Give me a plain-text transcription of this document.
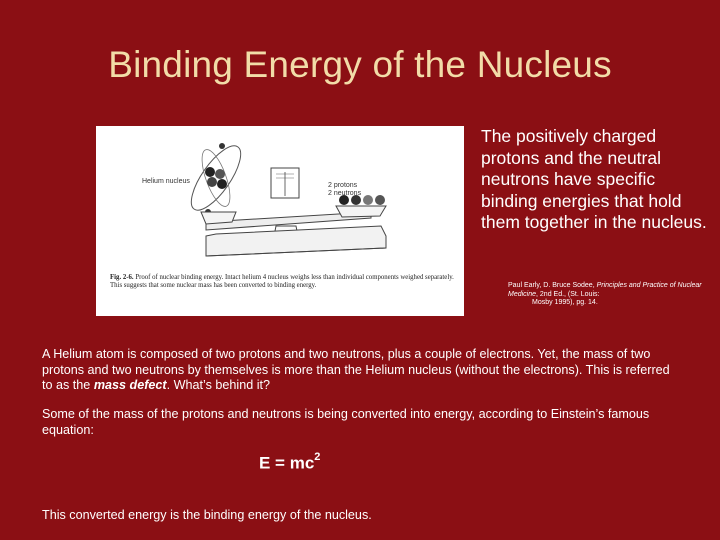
Binding Energy of the Nucleus
Helium nucleus
2 protons
2 neutrons
Fig. 2-6. Proof of nuclear binding energy. Intact helium 4 nucleus weighs less than individual components weighed separately. This suggests that some nuclear mass has been converted to binding energy.

The positively charged protons and the neutral neutrons have specific binding energies that hold them together in the nucleus.

Paul Early, D. Bruce Sodee, Principles and Practice of Nuclear Medicine, 2nd Ed., (St. Louis:
Mosby 1995), pg. 14.
A Helium atom is composed of two protons and two neutrons, plus a couple of electrons. Yet, the mass of two protons and two neutrons by themselves is more than the Helium nucleus (without the electrons). This is referred to as the mass defect. What’s behind it?
Some of the mass of the protons and neutrons is being converted into energy, according to Einstein’s famous equation:
$E = mc^2$
This converted energy is the binding energy of the nucleus.
